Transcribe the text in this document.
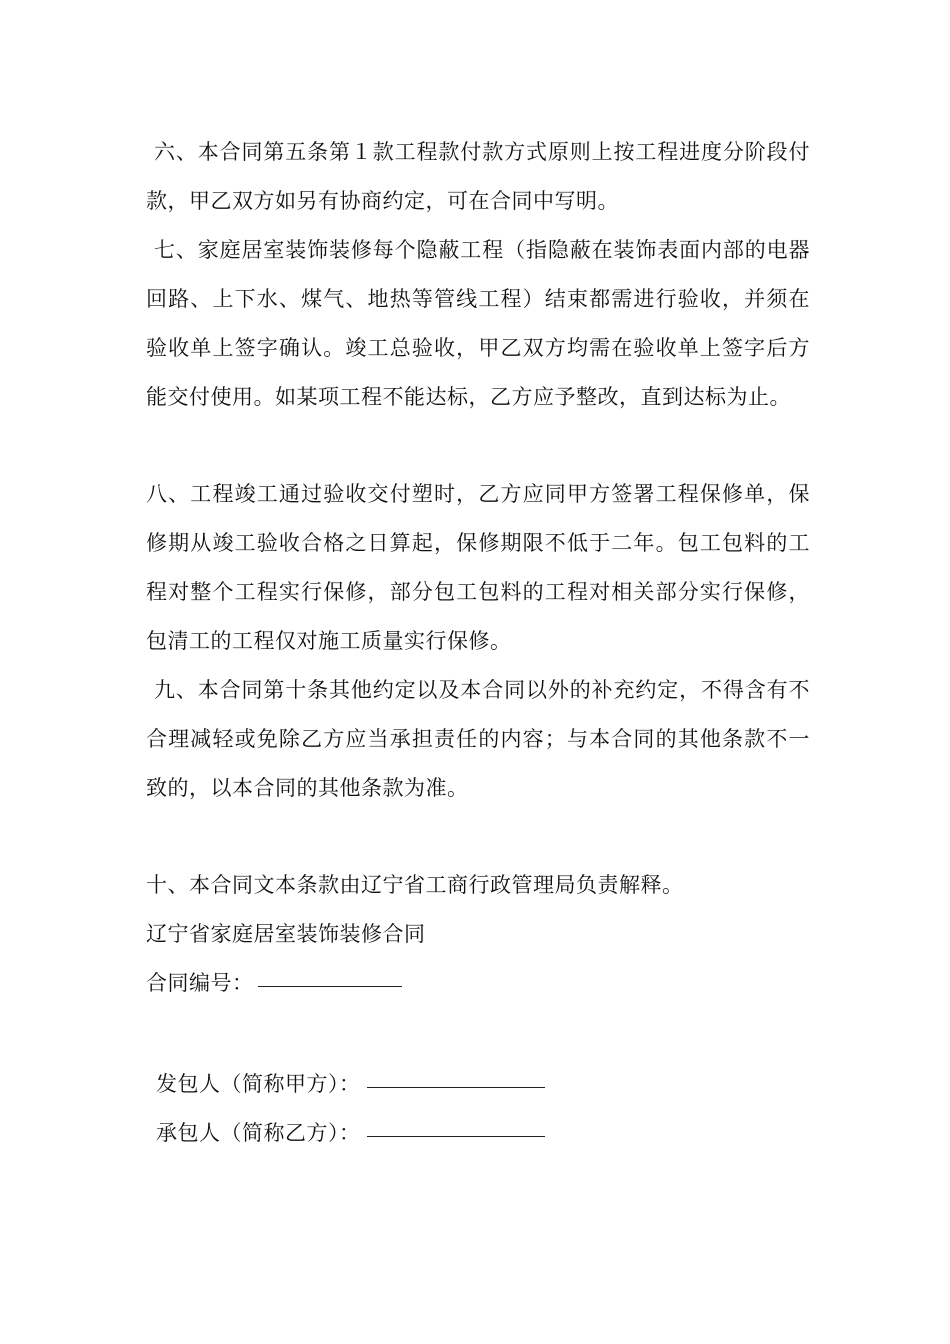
六、本合同第五条第１款工程款付款方式原则上按工程进度分阶段付款，甲乙双方如另有协商约定，可在合同中写明。

七、家庭居室装饰装修每个隐蔽工程（指隐蔽在装饰表面内部的电器回路、上下水、煤气、地热等管线工程）结束都需进行验收，并须在验收单上签字确认。竣工总验收，甲乙双方均需在验收单上签字后方能交付使用。如某项工程不能达标，乙方应予整改，直到达标为止。

八、工程竣工通过验收交付塑时，乙方应同甲方签署工程保修单，保修期从竣工验收合格之日算起，保修期限不低于二年。包工包料的工程对整个工程实行保修，部分包工包料的工程对相关部分实行保修，包清工的工程仅对施工质量实行保修。

九、本合同第十条其他约定以及本合同以外的补充约定，不得含有不合理减轻或免除乙方应当承担责任的内容；与本合同的其他条款不一致的，以本合同的其他条款为准。

十、本合同文本条款由辽宁省工商行政管理局负责解释。

辽宁省家庭居室装饰装修合同

合同编号：

发包人（简称甲方）：

承包人（简称乙方）：
